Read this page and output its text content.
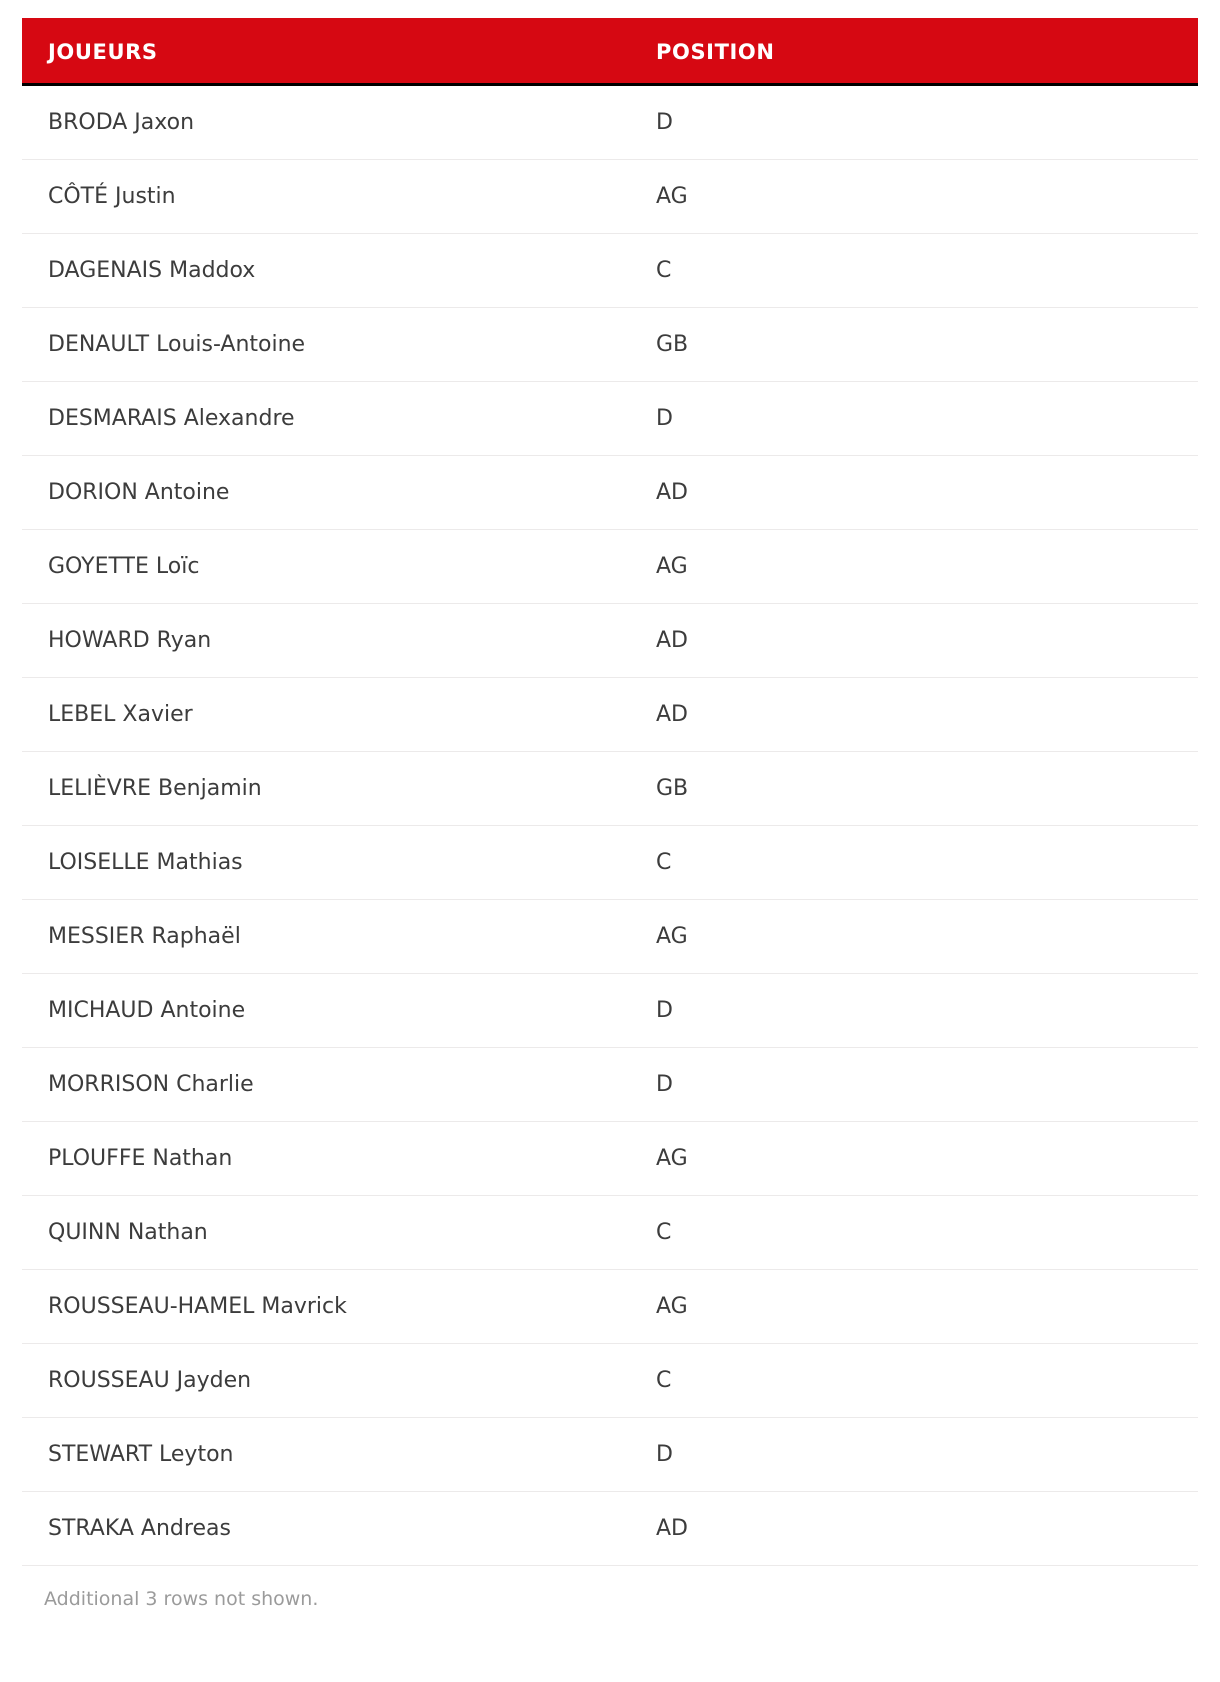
JOUEURS	POSITION
BRODA Jaxon	D
CÔTÉ Justin	AG
DAGENAIS Maddox	C
DENAULT Louis-Antoine	GB
DESMARAIS Alexandre	D
DORION Antoine	AD
GOYETTE Loïc	AG
HOWARD Ryan	AD
LEBEL Xavier	AD
LELIÈVRE Benjamin	GB
LOISELLE Mathias	C
MESSIER Raphaël	AG
MICHAUD Antoine	D
MORRISON Charlie	D
PLOUFFE Nathan	AG
QUINN Nathan	C
ROUSSEAU-HAMEL Mavrick	AG
ROUSSEAU Jayden	C
STEWART Leyton	D
STRAKA Andreas	AD
Additional 3 rows not shown.
